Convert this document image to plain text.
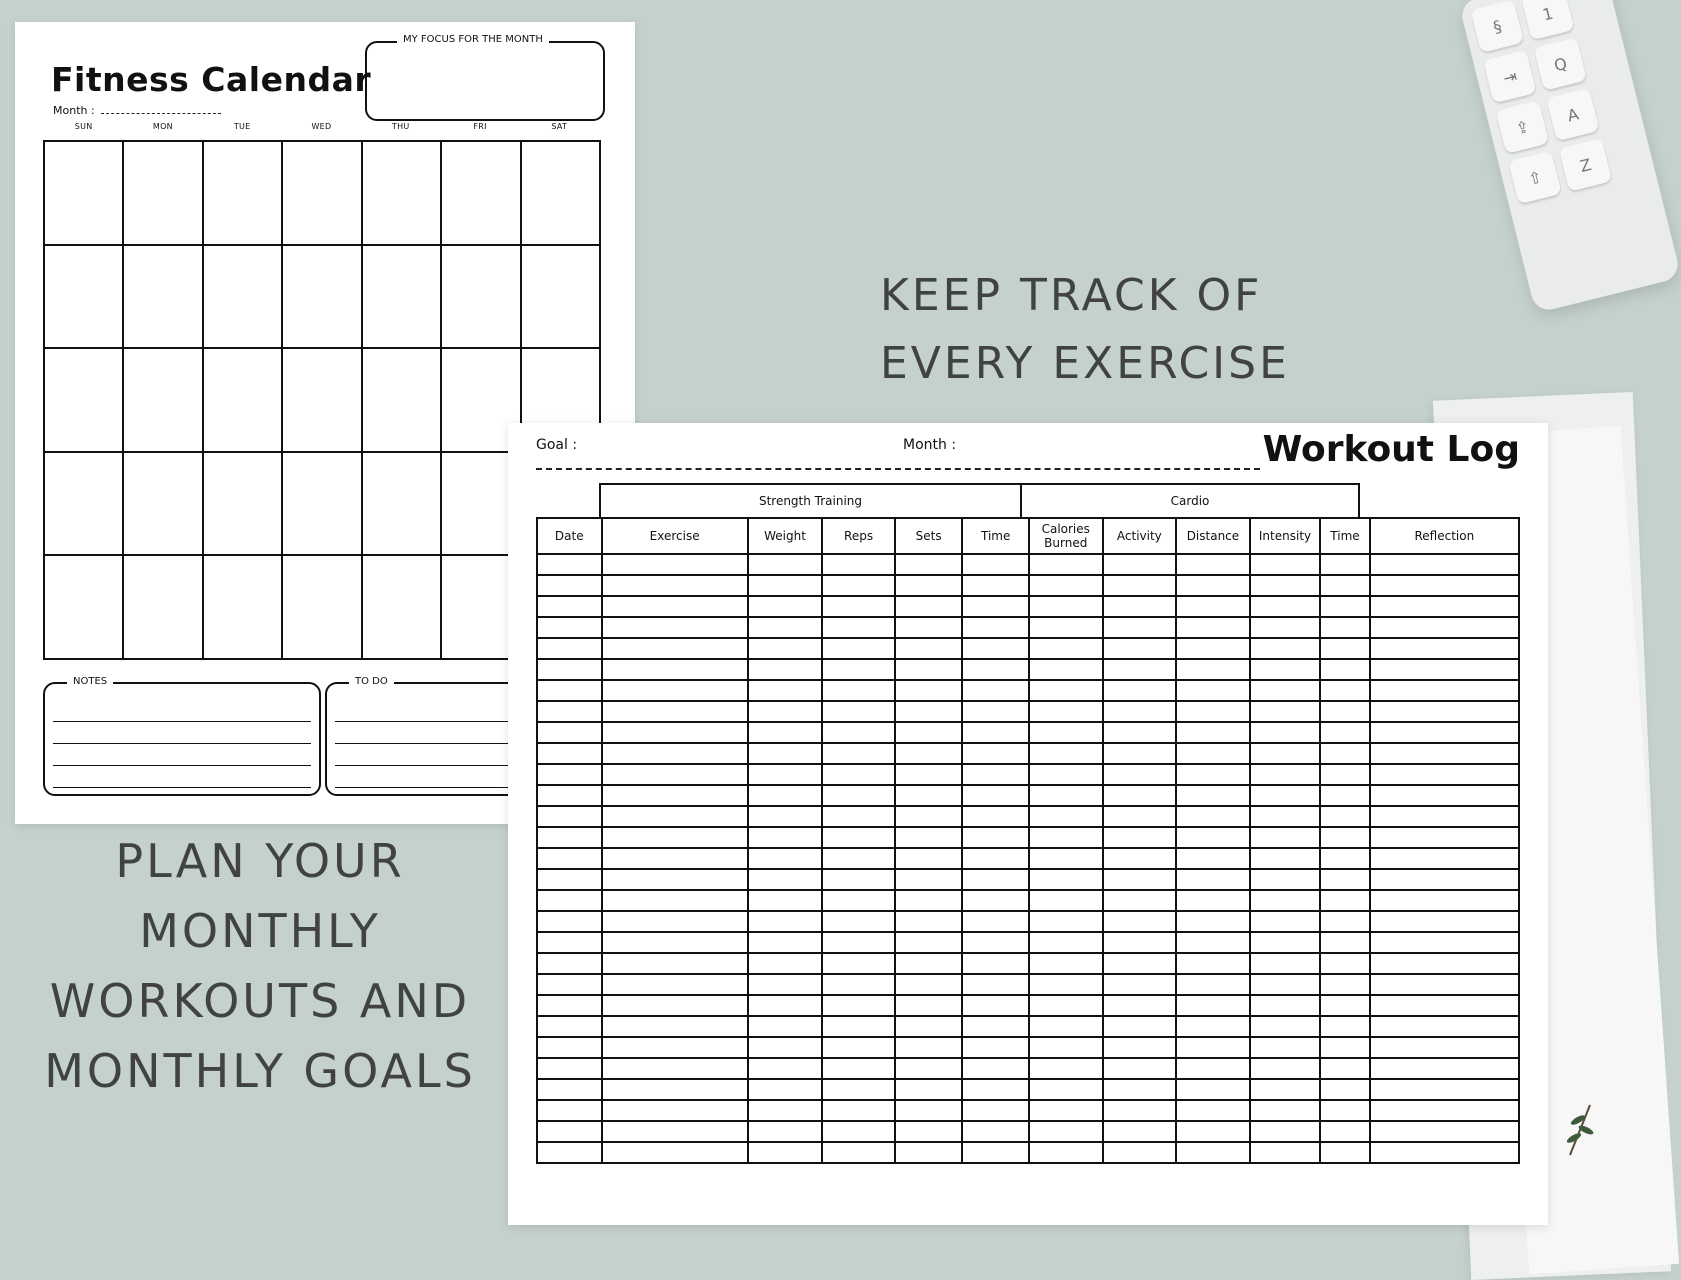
§
⇥
⇪
⇧
1
Q
A
Z
Fitness Calendar
Month :
MY FOCUS FOR THE MONTH
SUN	MON	TUE	WED	THU	FRI	SAT
NOTES	TO DO
KEEP TRACK OF
EVERY EXERCISE
Goal :	Month :	Workout Log
Strength Training	Cardio
Date	Exercise	Weight	Reps	Sets	Time	Calories Burned	Activity	Distance	Intensity	Time	Reflection

PLAN YOUR
MONTHLY
WORKOUTS AND
MONTHLY GOALS
